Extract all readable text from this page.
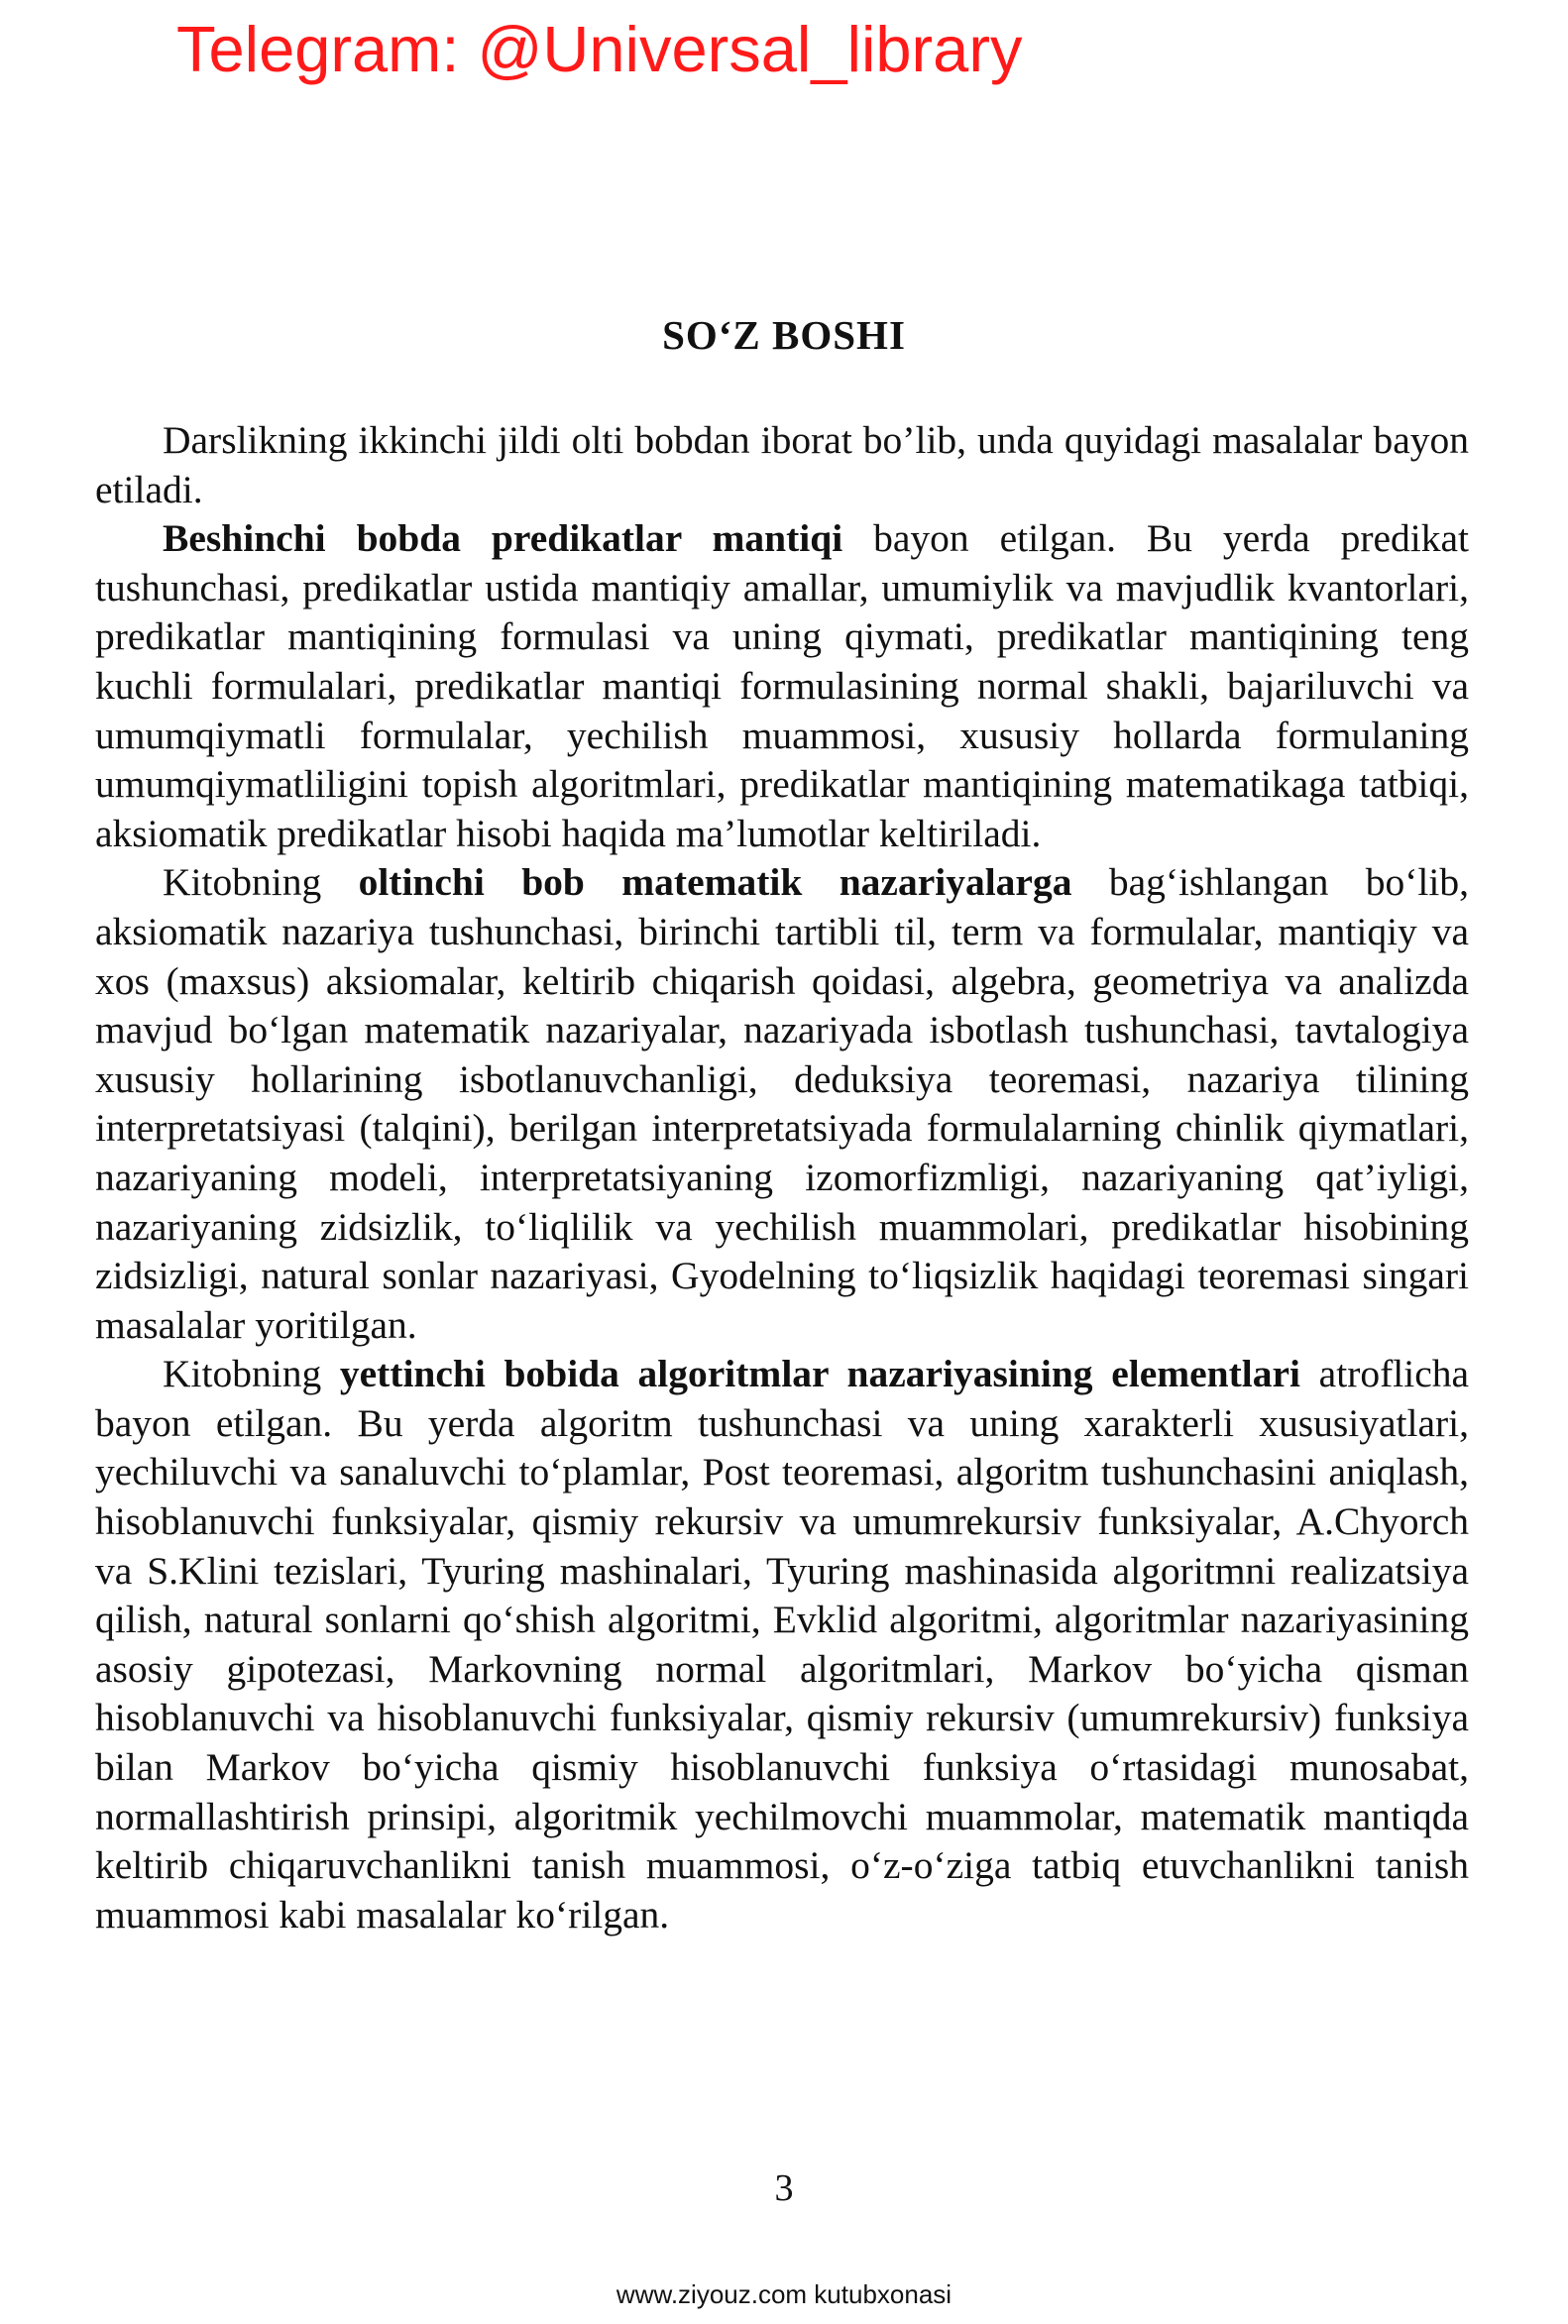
Telegram: @Universal_library
SO‘Z BOSHI

Darslikning ikkinchi jildi olti bobdan iborat bo’lib, unda quyidagi masalalar bayon etiladi.

Beshinchi bobda predikatlar mantiqi bayon etilgan. Bu yerda predikat tushunchasi, predikatlar ustida mantiqiy amallar, umumiylik va mavjudlik kvantorlari, predikatlar mantiqining formulasi va uning qiymati, predikatlar mantiqining teng kuchli formulalari, predikatlar mantiqi formulasining normal shakli, bajariluvchi va umumqiymatli formulalar, yechilish muammosi, xususiy hollarda formulaning umumqiymatliligini topish algoritmlari, predikatlar mantiqining matematikaga tatbiqi, aksiomatik predikatlar hisobi haqida ma’lumotlar keltiriladi.

Kitobning oltinchi bob matematik nazariyalarga bag‘ishlangan bo‘lib, aksiomatik nazariya tushunchasi, birinchi tartibli til, term va formulalar, mantiqiy va xos (maxsus) aksiomalar, keltirib chiqarish qoidasi, algebra, geometriya va analizda mavjud bo‘lgan matematik nazariyalar, nazariyada isbotlash tushunchasi, tavtalogiya xususiy hollarining isbotlanuvchanligi, deduksiya teoremasi, nazariya tilining interpretatsiyasi (talqini), berilgan interpretatsiyada formulalarning chinlik qiymatlari, nazariyaning modeli, interpretatsiyaning izomorfizmligi, nazariyaning qat’iyligi, nazariyaning zidsizlik, to‘liqlilik va yechilish muammolari, predikatlar hisobining zidsizligi, natural sonlar nazariyasi, Gyodelning to‘liqsizlik haqidagi teoremasi singari masalalar yoritilgan.

Kitobning yettinchi bobida algoritmlar nazariyasining elementlari atroflicha bayon etilgan. Bu yerda algoritm tushunchasi va uning xarakterli xususiyatlari, yechiluvchi va sanaluvchi to‘plamlar, Post teoremasi, algoritm tushunchasini aniqlash, hisoblanuvchi funksiyalar, qismiy rekursiv va umumrekursiv funksiyalar, A.Chyorch va S.Klini tezislari, Tyuring mashinalari, Tyuring mashinasida algoritmni realizatsiya qilish, natural sonlarni qo‘shish algoritmi, Evklid algoritmi, algoritmlar nazariyasining asosiy gipotezasi, Markovning normal algoritmlari, Markov bo‘yicha qisman hisoblanuvchi va hisoblanuvchi funksiyalar, qismiy rekursiv (umumrekursiv) funksiya bilan Markov bo‘yicha qismiy hisoblanuvchi funksiya o‘rtasidagi munosabat, normallashtirish prinsipi, algoritmik yechilmovchi muammolar, matematik mantiqda keltirib chiqaruvchanlikni tanish muammosi, o‘z-o‘ziga tatbiq etuvchanlikni tanish muammosi kabi masalalar ko‘rilgan.

3
www.ziyouz.com kutubxonasi
